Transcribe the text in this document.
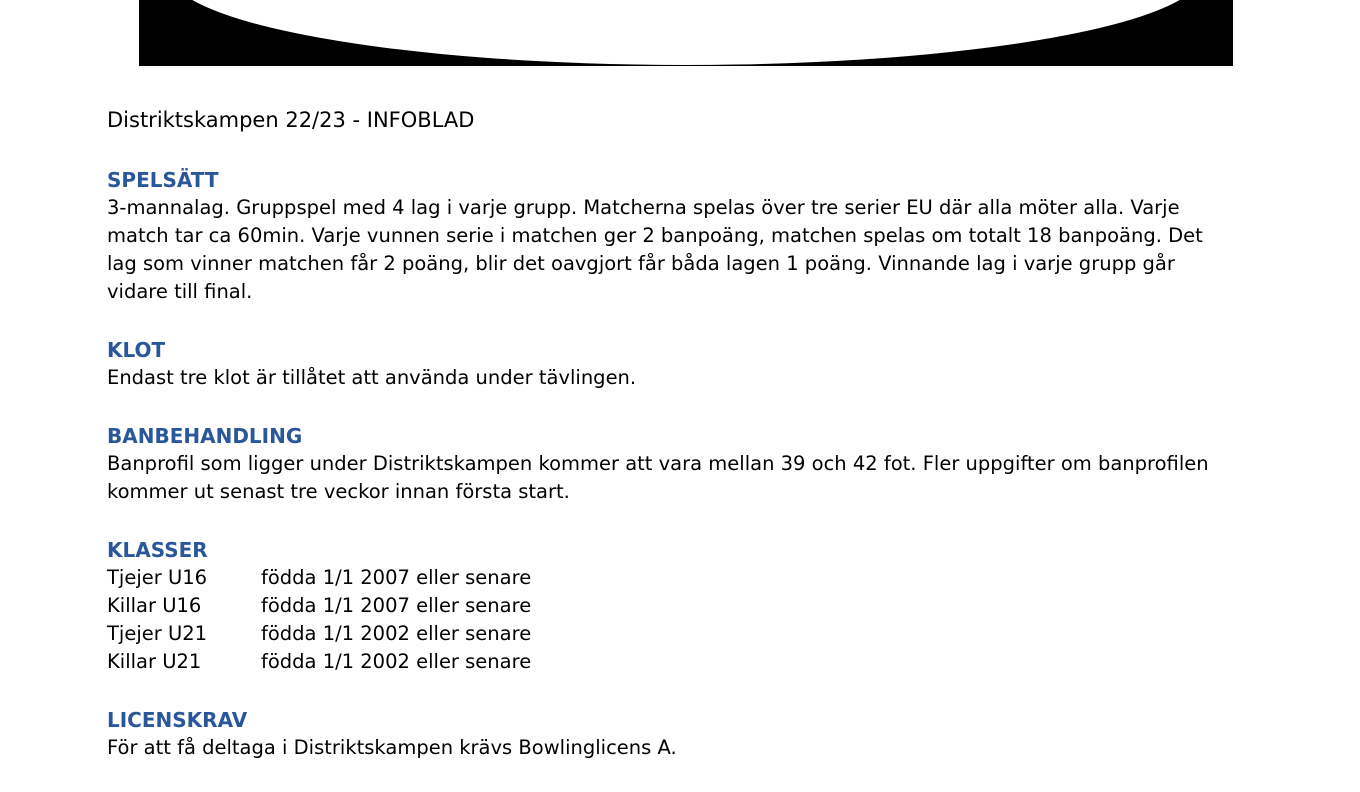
Distriktskampen 22/23 - INFOBLAD
SPELSÄTT

3-mannalag. Gruppspel med 4 lag i varje grupp. Matcherna spelas över tre serier EU där alla möter alla. Varje match tar ca 60min. Varje vunnen serie i matchen ger 2 banpoäng, matchen spelas om totalt 18 banpoäng. Det lag som vinner matchen får 2 poäng, blir det oavgjort får båda lagen 1 poäng. Vinnande lag i varje grupp går vidare till final.

KLOT

Endast tre klot är tillåtet att använda under tävlingen.

BANBEHANDLING

Banprofil som ligger under Distriktskampen kommer att vara mellan 39 och 42 fot. Fler uppgifter om banprofilen kommer ut senast tre veckor innan första start.

KLASSER
Tjejer U16	födda 1/1 2007 eller senare
Killar U16	födda 1/1 2007 eller senare
Tjejer U21	födda 1/1 2002 eller senare
Killar U21	födda 1/1 2002 eller senare
LICENSKRAV

För att få deltaga i Distriktskampen krävs Bowlinglicens A.
